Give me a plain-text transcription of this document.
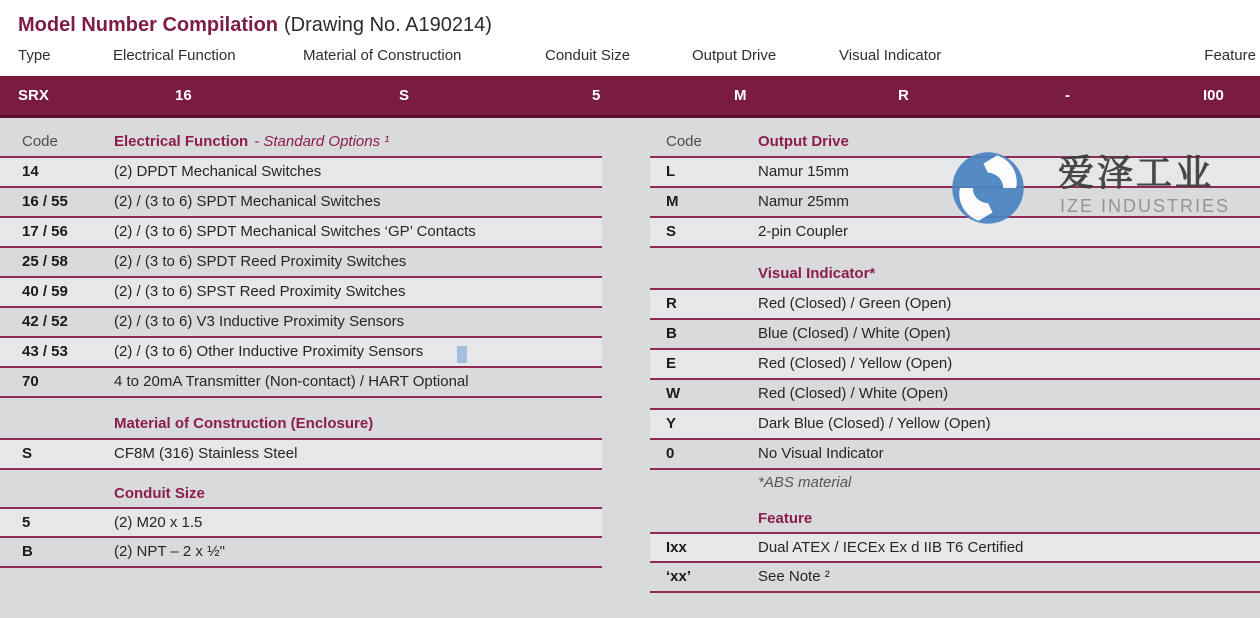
Model Number Compilation (Drawing No. A190214)
Type	Electrical Function	Material of Construction	Conduit Size	Output Drive	Visual Indicator	Feature
SRX	16	S	5	M	R	-	I00
Code	Electrical Function - Standard Options ¹
14	(2) DPDT Mechanical Switches
16 / 55	(2) / (3 to 6) SPDT Mechanical Switches
17 / 56	(2) / (3 to 6) SPDT Mechanical Switches ‘GP’ Contacts
25 / 58	(2) / (3 to 6) SPDT Reed Proximity Switches
40 / 59	(2) / (3 to 6) SPST Reed Proximity Switches
42 / 52	(2) / (3 to 6) V3 Inductive Proximity Sensors
43 / 53	(2) / (3 to 6) Other Inductive Proximity Sensors
70	4 to 20mA Transmitter (Non-contact) / HART Optional
Material of Construction (Enclosure)
S	CF8M (316) Stainless Steel
Conduit Size
5	(2) M20 x 1.5
B	(2) NPT – 2 x ½"
Code	Output Drive
L	Namur 15mm
M	Namur 25mm
S	2-pin Coupler
Visual Indicator*
R	Red (Closed) / Green (Open)
B	Blue (Closed) / White (Open)
E	Red (Closed) / Yellow (Open)
W	Red (Closed) / White (Open)
Y	Dark Blue (Closed) / Yellow (Open)
0	No Visual Indicator
*ABS material
Feature
Ixx	Dual ATEX / IECEx Ex d IIB T6 Certified
‘xx’	See Note ²
爱泽工业
IZE INDUSTRIES
